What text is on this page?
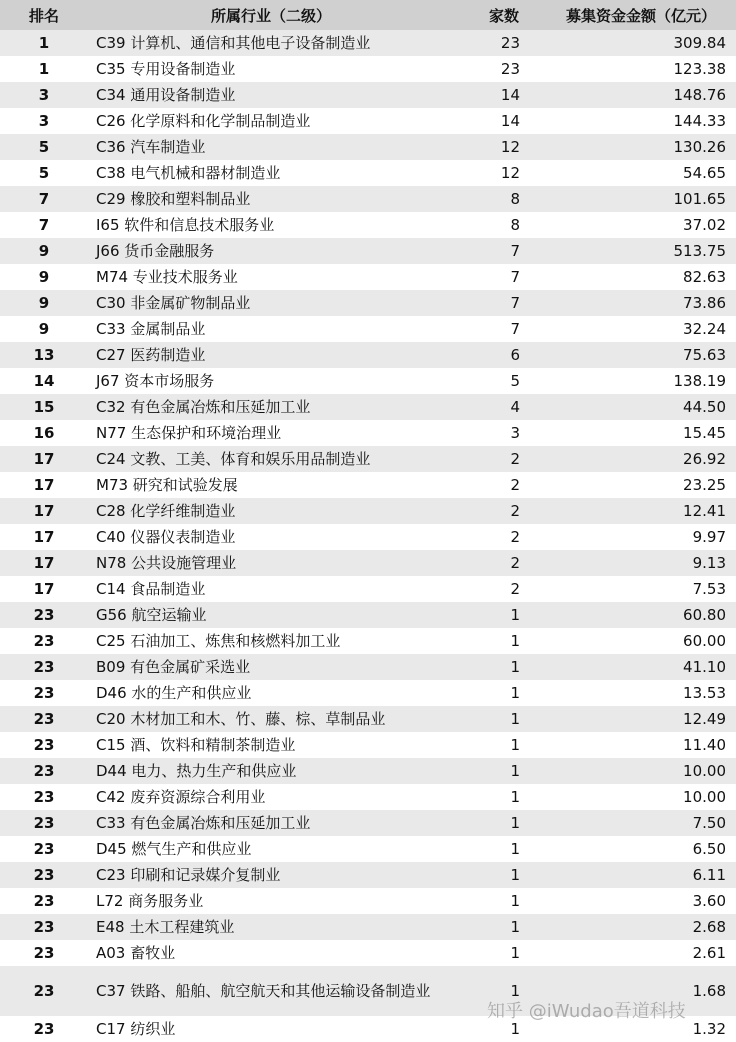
排名	所属行业（二级）	家数	募集资金金额（亿元）
1	C39 计算机、通信和其他电子设备制造业	23	309.84
1	C35 专用设备制造业	23	123.38
3	C34 通用设备制造业	14	148.76
3	C26 化学原料和化学制品制造业	14	144.33
5	C36 汽车制造业	12	130.26
5	C38 电气机械和器材制造业	12	54.65
7	C29 橡胶和塑料制品业	8	101.65
7	I65 软件和信息技术服务业	8	37.02
9	J66 货币金融服务	7	513.75
9	M74 专业技术服务业	7	82.63
9	C30 非金属矿物制品业	7	73.86
9	C33 金属制品业	7	32.24
13	C27 医药制造业	6	75.63
14	J67 资本市场服务	5	138.19
15	C32 有色金属冶炼和压延加工业	4	44.50
16	N77 生态保护和环境治理业	3	15.45
17	C24 文教、工美、体育和娱乐用品制造业	2	26.92
17	M73 研究和试验发展	2	23.25
17	C28 化学纤维制造业	2	12.41
17	C40 仪器仪表制造业	2	9.97
17	N78 公共设施管理业	2	9.13
17	C14 食品制造业	2	7.53
23	G56 航空运输业	1	60.80
23	C25 石油加工、炼焦和核燃料加工业	1	60.00
23	B09 有色金属矿采选业	1	41.10
23	D46 水的生产和供应业	1	13.53
23	C20 木材加工和木、竹、藤、棕、草制品业	1	12.49
23	C15 酒、饮料和精制茶制造业	1	11.40
23	D44 电力、热力生产和供应业	1	10.00
23	C42 废弃资源综合利用业	1	10.00
23	C33 有色金属冶炼和压延加工业	1	7.50
23	D45 燃气生产和供应业	1	6.50
23	C23 印刷和记录媒介复制业	1	6.11
23	L72 商务服务业	1	3.60
23	E48 土木工程建筑业	1	2.68
23	A03 畜牧业	1	2.61
23	C37 铁路、船舶、航空航天和其他运输设备制造业	1	1.68
23	C17 纺织业	1	1.32
知乎 @iWudao吾道科技
